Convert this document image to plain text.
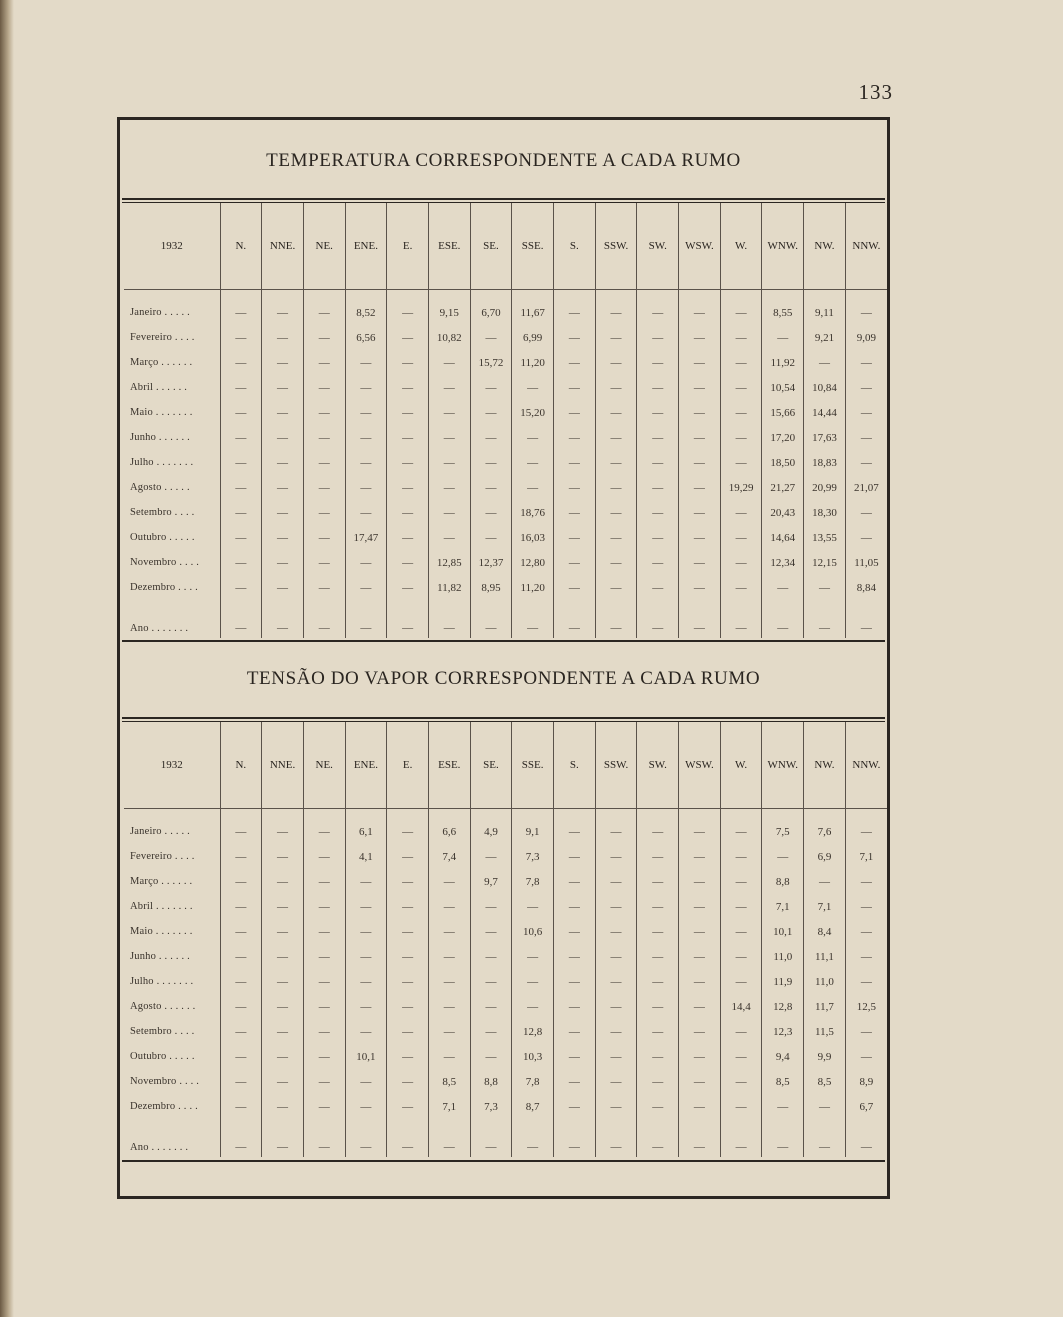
133
TEMPERATURA CORRESPONDENTE A CADA RUMO
1932	N.	NNE.	NE.	ENE.	E.	ESE.	SE.	SSE.	S.	SSW.	SW.	WSW.	W.	WNW.	NW.	NNW.

Janeiro . . . . .	—	—	—	8,52	—	9,15	6,70	11,67	—	—	—	—	—	8,55	9,11	—
Fevereiro . . . .	—	—	—	6,56	—	10,82	—	6,99	—	—	—	—	—	—	9,21	9,09
Março . . . . . .	—	—	—	—	—	—	15,72	11,20	—	—	—	—	—	11,92	—	—
Abril . . . . . .	—	—	—	—	—	—	—	—	—	—	—	—	—	10,54	10,84	—
Maio . . . . . . .	—	—	—	—	—	—	—	15,20	—	—	—	—	—	15,66	14,44	—
Junho . . . . . .	—	—	—	—	—	—	—	—	—	—	—	—	—	17,20	17,63	—
Julho . . . . . . .	—	—	—	—	—	—	—	—	—	—	—	—	—	18,50	18,83	—
Agosto . . . . .	—	—	—	—	—	—	—	—	—	—	—	—	19,29	21,27	20,99	21,07
Setembro . . . .	—	—	—	—	—	—	—	18,76	—	—	—	—	—	20,43	18,30	—
Outubro . . . . .	—	—	—	17,47	—	—	—	16,03	—	—	—	—	—	14,64	13,55	—
Novembro . . . .	—	—	—	—	—	12,85	12,37	12,80	—	—	—	—	—	12,34	12,15	11,05
Dezembro . . . .	—	—	—	—	—	11,82	8,95	11,20	—	—	—	—	—	—	—	8,84
Ano . . . . . . .	—	—	—	—	—	—	—	—	—	—	—	—	—	—	—	—
TENSÃO DO VAPOR CORRESPONDENTE A CADA RUMO
1932	N.	NNE.	NE.	ENE.	E.	ESE.	SE.	SSE.	S.	SSW.	SW.	WSW.	W.	WNW.	NW.	NNW.

Janeiro . . . . .	—	—	—	6,1	—	6,6	4,9	9,1	—	—	—	—	—	7,5	7,6	—
Fevereiro . . . .	—	—	—	4,1	—	7,4	—	7,3	—	—	—	—	—	—	6,9	7,1
Março . . . . . .	—	—	—	—	—	—	9,7	7,8	—	—	—	—	—	8,8	—	—
Abril . . . . . . .	—	—	—	—	—	—	—	—	—	—	—	—	—	7,1	7,1	—
Maio . . . . . . .	—	—	—	—	—	—	—	10,6	—	—	—	—	—	10,1	8,4	—
Junho . . . . . .	—	—	—	—	—	—	—	—	—	—	—	—	—	11,0	11,1	—
Julho . . . . . . .	—	—	—	—	—	—	—	—	—	—	—	—	—	11,9	11,0	—
Agosto . . . . . .	—	—	—	—	—	—	—	—	—	—	—	—	14,4	12,8	11,7	12,5
Setembro . . . .	—	—	—	—	—	—	—	12,8	—	—	—	—	—	12,3	11,5	—
Outubro . . . . .	—	—	—	10,1	—	—	—	10,3	—	—	—	—	—	9,4	9,9	—
Novembro . . . .	—	—	—	—	—	8,5	8,8	7,8	—	—	—	—	—	8,5	8,5	8,9
Dezembro . . . .	—	—	—	—	—	7,1	7,3	8,7	—	—	—	—	—	—	—	6,7
Ano . . . . . . .	—	—	—	—	—	—	—	—	—	—	—	—	—	—	—	—
